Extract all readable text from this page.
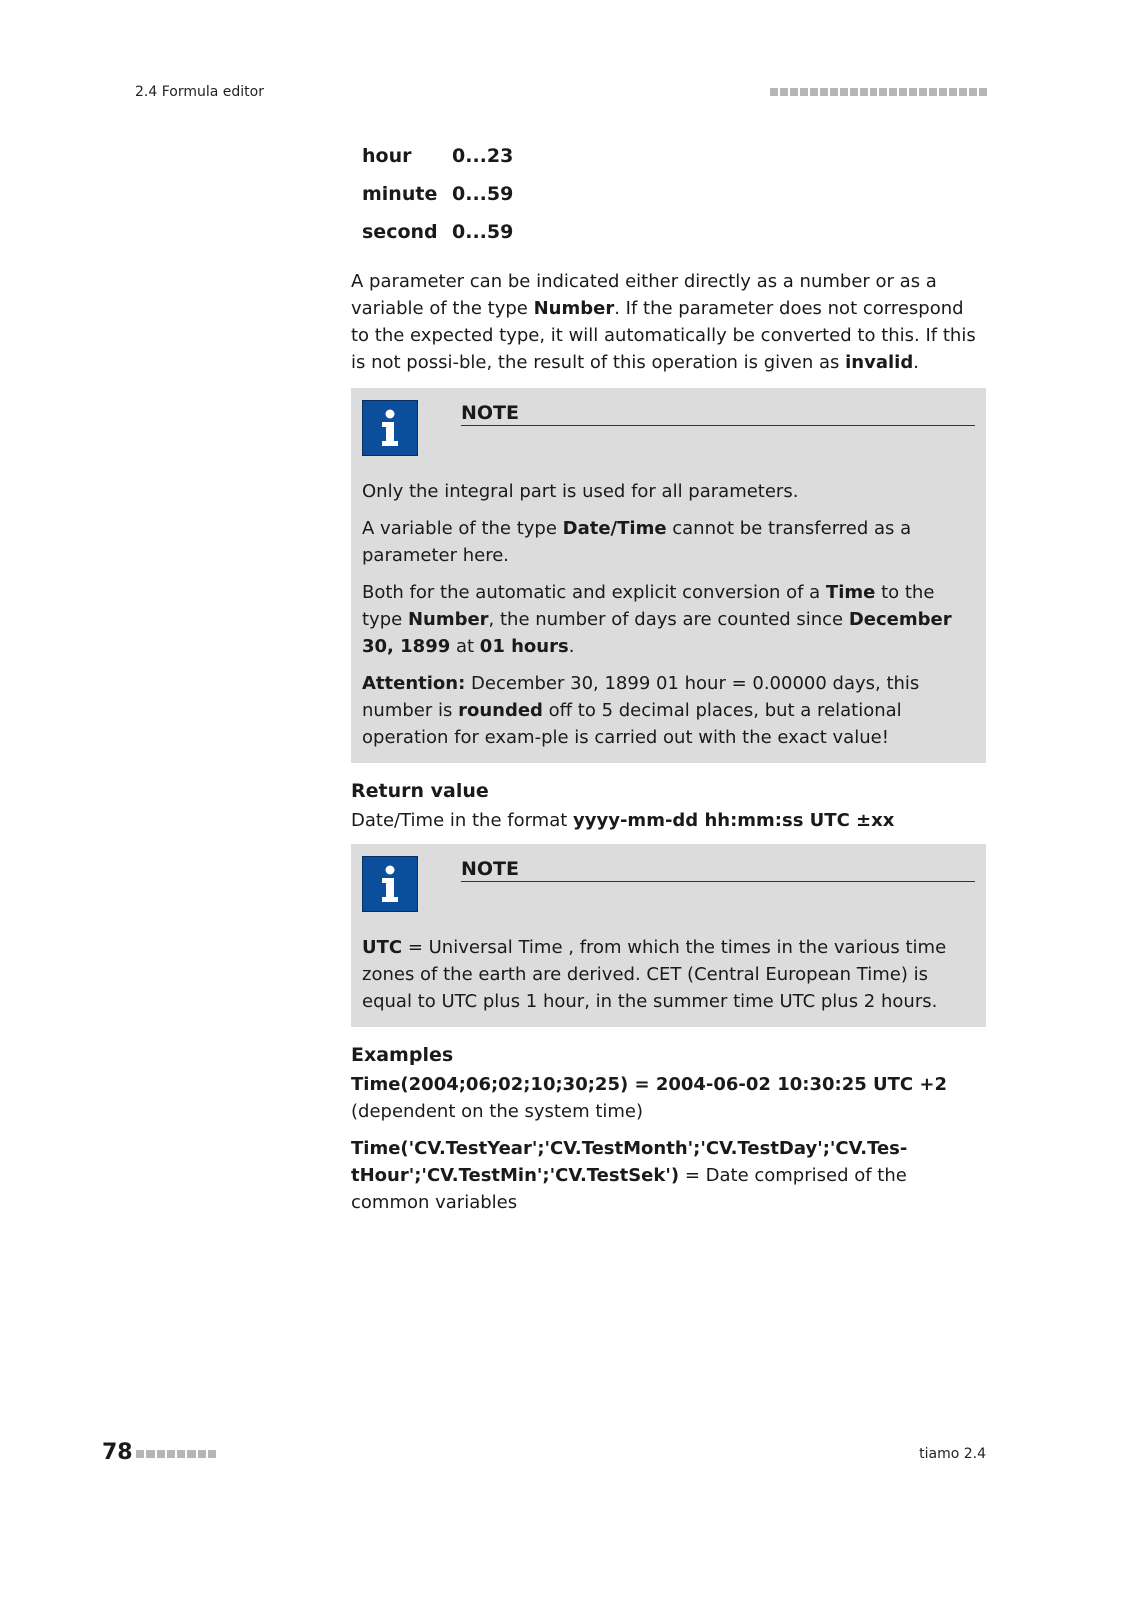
2.4 Formula editor
hour	0...23
minute	0...59
second	0...59

A parameter can be indicated either directly as a number or as a variable of the type Number. If the parameter does not correspond to the expected type, it will automatically be converted to this. If this is not possi-ble, the result of this operation is given as invalid.

NOTE

Only the integral part is used for all parameters.

A variable of the type Date/Time cannot be transferred as a parameter here.

Both for the automatic and explicit conversion of a Time to the type Number, the number of days are counted since December 30, 1899 at 01 hours.

Attention: December 30, 1899 01 hour = 0.00000 days, this number is rounded off to 5 decimal places, but a relational operation for exam-ple is carried out with the exact value!

Return value

Date/Time in the format yyyy-mm-dd hh:mm:ss UTC ±xx

NOTE

UTC = Universal Time , from which the times in the various time zones of the earth are derived. CET (Central European Time) is equal to UTC plus 1 hour, in the summer time UTC plus 2 hours.

Examples

Time(2004;06;02;10;30;25) = 2004-06-02 10:30:25 UTC +2
(dependent on the system time)

Time('CV.TestYear';'CV.TestMonth';'CV.TestDay';'CV.Tes-tHour';'CV.TestMin';'CV.TestSek') = Date comprised of the common variables

78	tiamo 2.4
